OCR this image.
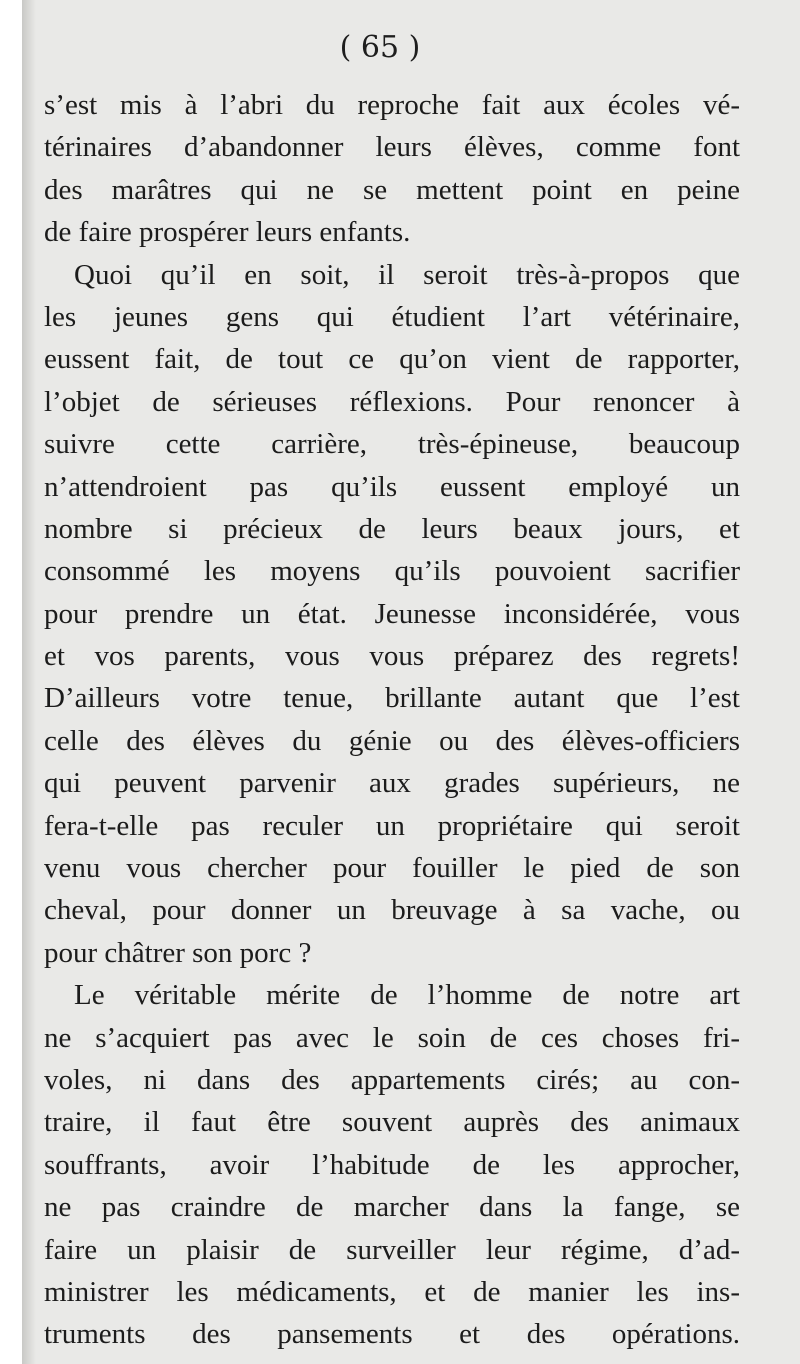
( 65 )

s’est mis à l’abri du reproche fait aux écoles vé-
térinaires d’abandonner leurs élèves, comme font
des marâtres qui ne se mettent point en peine
de faire prospérer leurs enfants.
Quoi qu’il en soit, il seroit très-à-propos que
les jeunes gens qui étudient l’art vétérinaire,
eussent fait, de tout ce qu’on vient de rapporter,
l’objet de sérieuses réflexions. Pour renoncer à
suivre cette carrière, très-épineuse, beaucoup
n’attendroient pas qu’ils eussent employé un
nombre si précieux de leurs beaux jours, et
consommé les moyens qu’ils pouvoient sacrifier
pour prendre un état. Jeunesse inconsidérée, vous
et vos parents, vous vous préparez des regrets!
D’ailleurs votre tenue, brillante autant que l’est
celle des élèves du génie ou des élèves-officiers
qui peuvent parvenir aux grades supérieurs, ne
fera-t-elle pas reculer un propriétaire qui seroit
venu vous chercher pour fouiller le pied de son
cheval, pour donner un breuvage à sa vache, ou
pour châtrer son porc ?
Le véritable mérite de l’homme de notre art
ne s’acquiert pas avec le soin de ces choses fri-
voles, ni dans des appartements cirés; au con-
traire, il faut être souvent auprès des animaux
souffrants, avoir l’habitude de les approcher,
ne pas craindre de marcher dans la fange, se
faire un plaisir de surveiller leur régime, d’ad-
ministrer les médicaments, et de manier les ins-
truments des pansements et des opérations.
